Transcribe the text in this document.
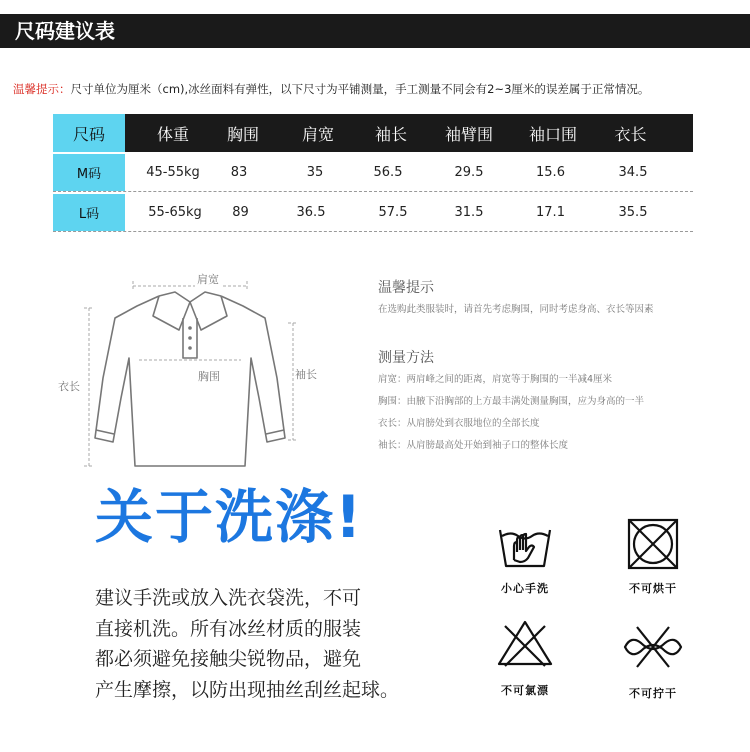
尺码建议表
温馨提示：尺寸单位为厘米（cm),冰丝面料有弹性，以下尺寸为平铺测量，手工测量不同会有2~3厘米的误差属于正常情况。
尺码	体重	胸围	肩宽	袖长	袖臂围	袖口围	衣长
M码	45-55kg	83	35	56.5	29.5	15.6	34.5
L码	55-65kg	89	36.5	57.5	31.5	17.1	35.5
肩宽
胸围
衣长
袖长
温馨提示
在选购此类服装时，请首先考虑胸围，同时考虑身高、衣长等因素
测量方法
肩宽：两肩峰之间的距离，肩宽等于胸围的一半减4厘米
胸围：由腋下沿胸部的上方最丰满处测量胸围，应为身高的一半
衣长：从肩膀处到衣服地位的全部长度
袖长：从肩膀最高处开始到袖子口的整体长度
关于洗涤!
建议手洗或放入洗衣袋洗，不可
直接机洗。所有冰丝材质的服装
都必须避免接触尖锐物品，避免
产生摩擦，以防出现抽丝刮丝起球。
小心手洗	不可烘干
不可氯漂	不可拧干
